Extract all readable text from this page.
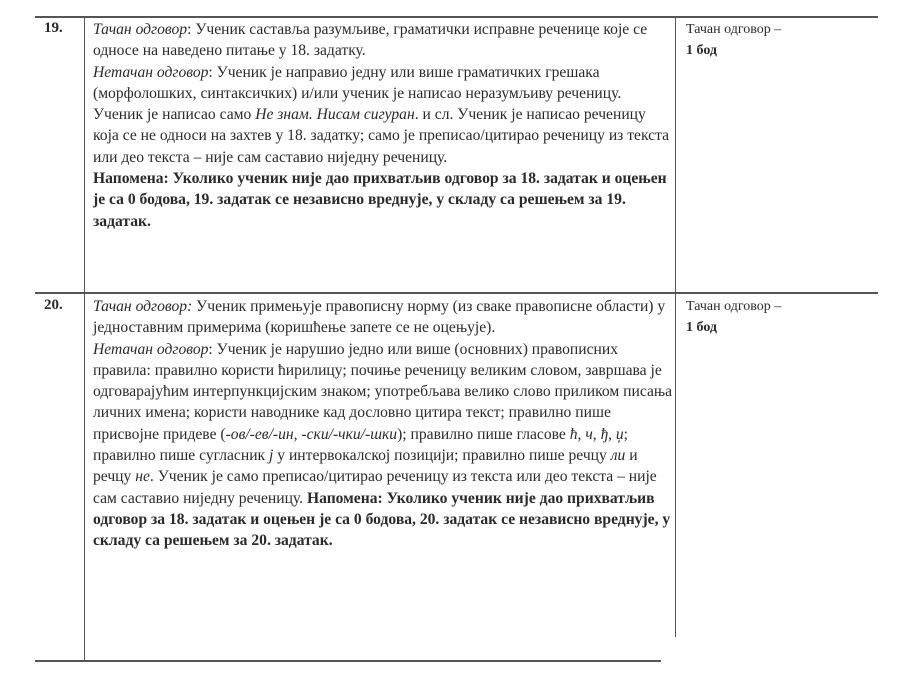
19. Тачан одговор: Ученик саставља разумљиве, граматички исправне реченице које се односе на наведено питање у 18. задатку.

Нетачан одговор: Ученик је направио једну или више граматичких грешака (морфолошких, синтаксичких) и/или ученик је написао неразумљиву реченицу. Ученик је написао само Не знам. Нисам сигуран. и сл. Ученик је написао реченицу која се не односи на захтев у 18. задатку; само је преписао/цитирао реченицу из текста или део текста – није сам саставио ниједну реченицу.

Напомена: Уколико ученик није дао прихватљив одговор за 18. задатак и оцењен је са 0 бодова, 19. задатак се независно вреднује, у складу са решењем за 19. задатак.

Тачан одговор –
1 бод
20. Тачан одговор: Ученик примењује правописну норму (из сваке правописне области) у једноставним примерима (коришћење запете се не оцењује).

Нетачан одговор: Ученик је нарушио једно или више (основних) правописних правила: правилно користи ћирилицу; почиње реченицу великим словом, завршава је одговарајућим интерпункцијским знаком; употребљава велико слово приликом писања личних имена; користи наводнике кад дословно цитира текст; правилно пише присвојне придеве (-ов/-ев/-ин, -ски/-чки/-шки); правилно пише гласове ћ, ч, ђ, џ; правилно пише сугласник ј у интервокалској позицији; правилно пише речцу ли и речцу не. Ученик је само преписао/цитирао реченицу из текста или део текста – није сам саставио ниједну реченицу. Напомена: Уколико ученик није дао прихватљив одговор за 18. задатак и оцењен је са 0 бодова, 20. задатак се независно вреднује, у складу са решењем за 20. задатак.

Тачан одговор –
1 бод
